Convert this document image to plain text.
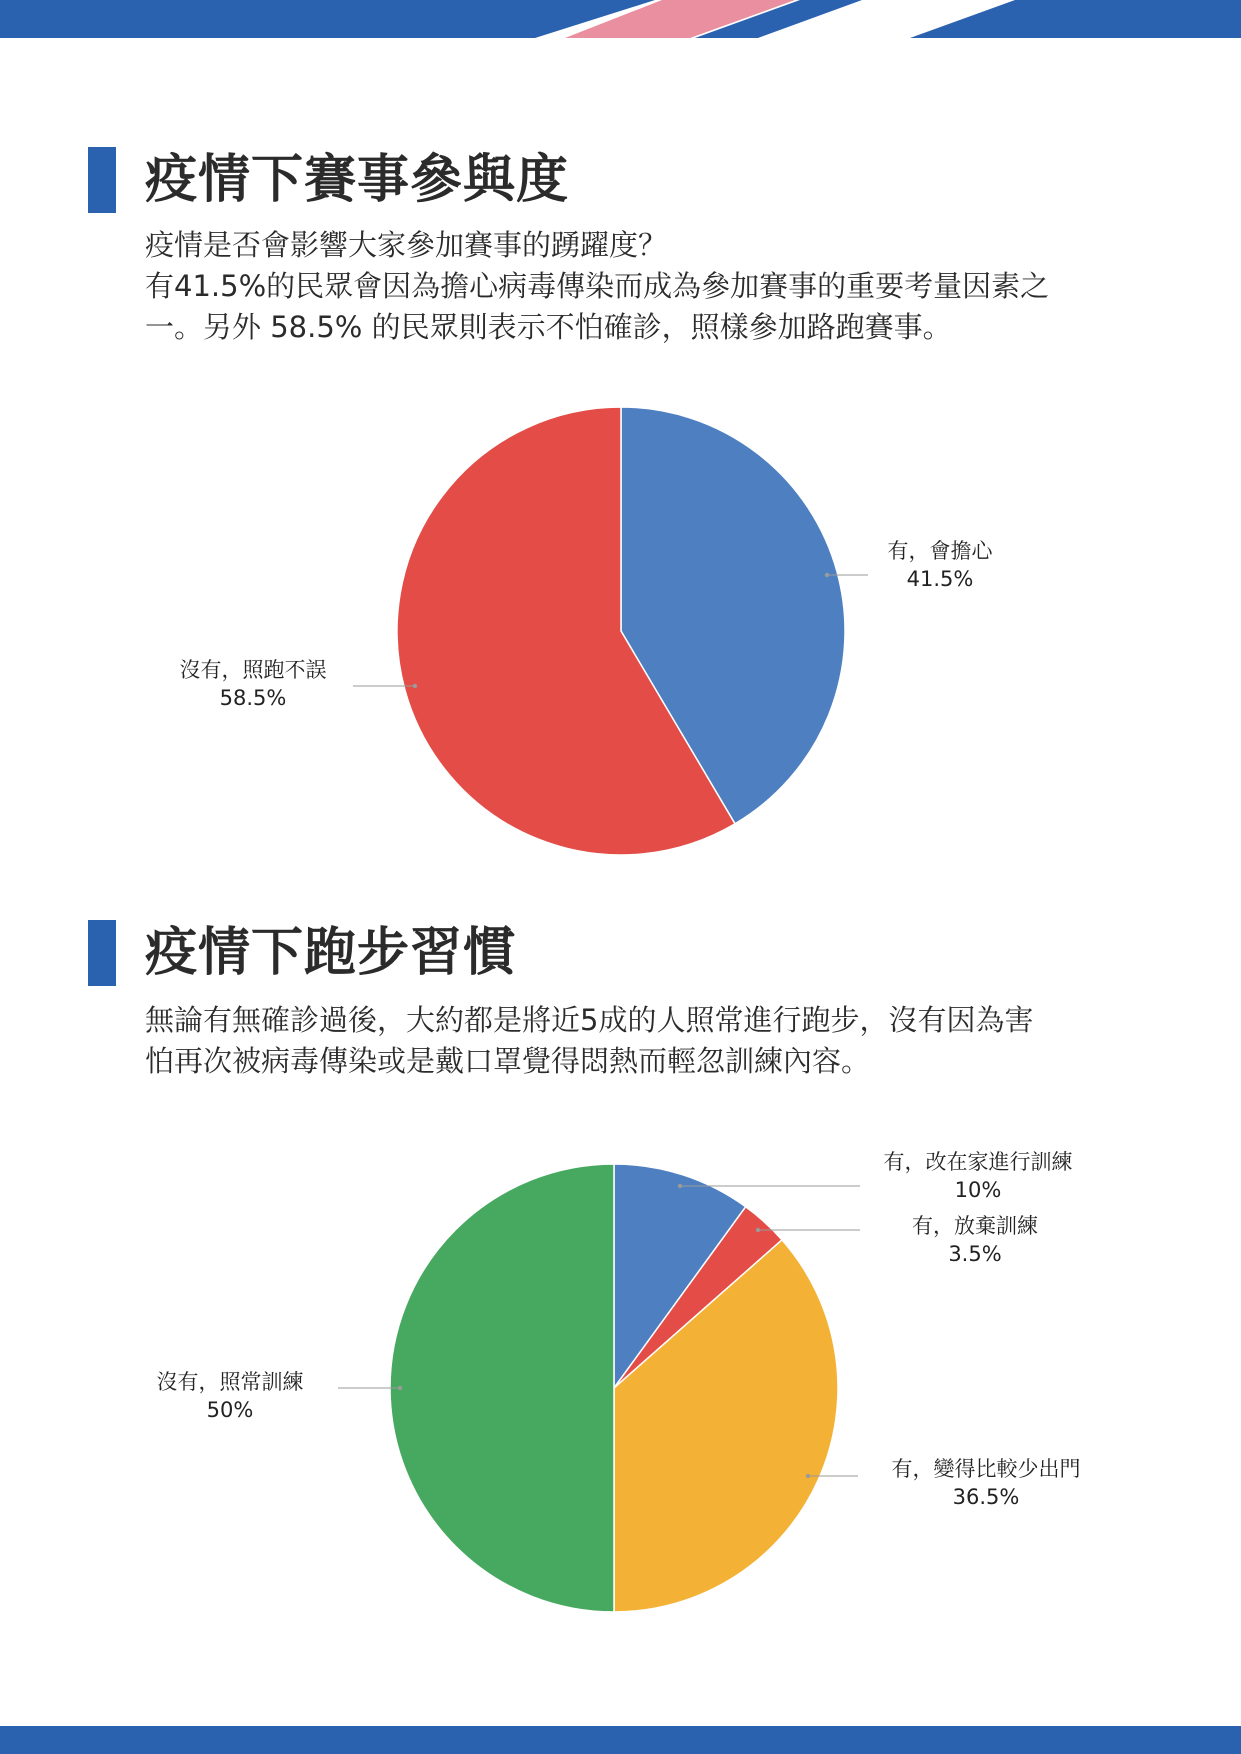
疫情下賽事參與度
疫情是否會影響大家參加賽事的踴躍度？
有41.5%的民眾會因為擔心病毒傳染而成為參加賽事的重要考量因素之
一。另外 58.5% 的民眾則表示不怕確診，照樣參加路跑賽事。
有，會擔心
41.5%
沒有，照跑不誤
58.5%
疫情下跑步習慣
無論有無確診過後，大約都是將近5成的人照常進行跑步，沒有因為害
怕再次被病毒傳染或是戴口罩覺得悶熱而輕忽訓練內容。
有，改在家進行訓練
10%
有，放棄訓練
3.5%
有，變得比較少出門
36.5%
沒有，照常訓練
50%
